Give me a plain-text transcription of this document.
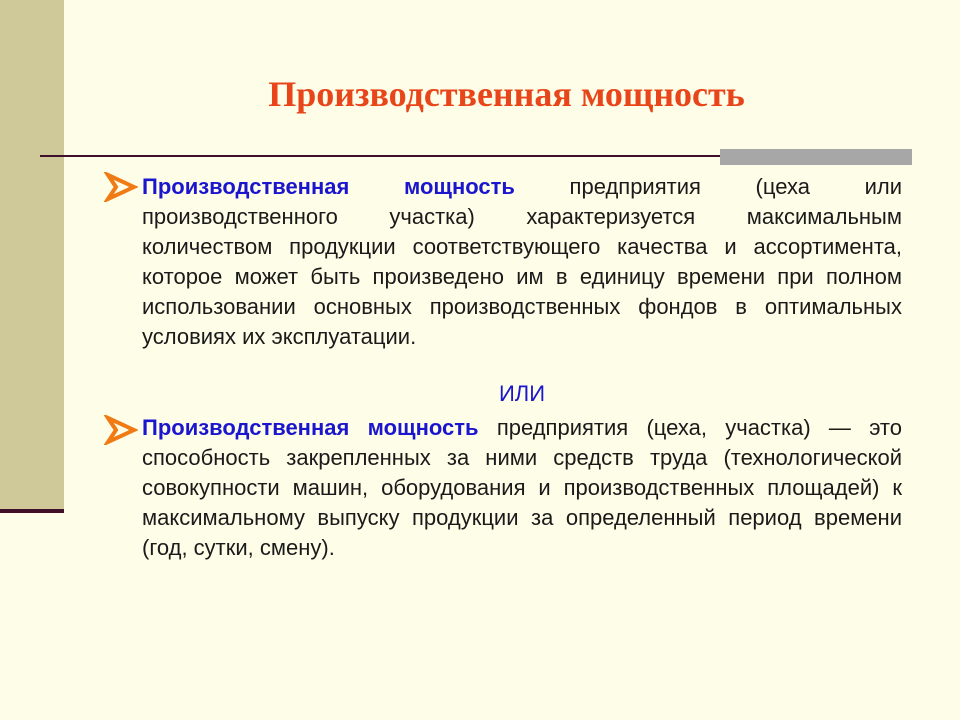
Производственная мощность

Производственная мощность предприятия (цеха или производственного участка) характеризуется максимальным количеством продукции соответствующего качества и ассортимента, которое может быть произведено им в единицу времени при полном использовании основных производственных фондов в оптимальных условиях их эксплуатации.

ИЛИ

Производственная мощность предприятия (цеха, участка) — это способность закрепленных за ними средств труда (технологической совокупности машин, оборудования и производственных площадей) к максимальному выпуску продукции за определенный период времени (год, сутки, смену).
